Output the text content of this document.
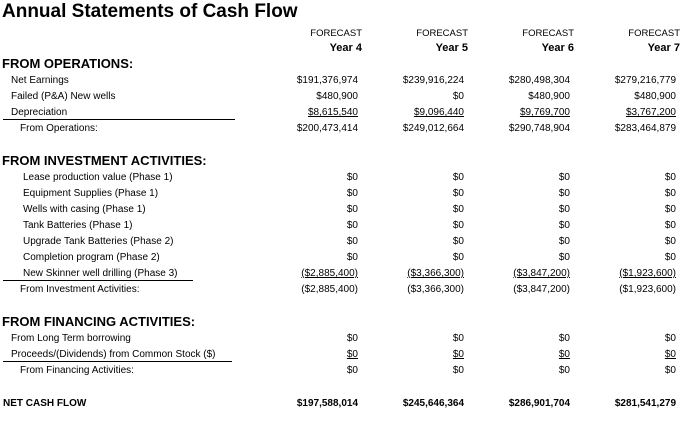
Annual Statements of Cash Flow
FORECAST
Year 4
FORECAST
Year 5
FORECAST
Year 6
FORECAST
Year 7
FROM OPERATIONS:
Net Earnings	$191,376,974	$239,916,224	$280,498,304	$279,216,779
Failed (P&A) New wells	$480,900	$0	$480,900	$480,900
Depreciation	$8,615,540	$9,096,440	$9,769,700	$3,767,200
From Operations:	$200,473,414	$249,012,664	$290,748,904	$283,464,879
FROM INVESTMENT ACTIVITIES:
Lease production value (Phase 1)	$0	$0	$0	$0
Equipment Supplies (Phase 1)	$0	$0	$0	$0
Wells with casing (Phase 1)	$0	$0	$0	$0
Tank Batteries (Phase 1)	$0	$0	$0	$0
Upgrade Tank Batteries (Phase 2)	$0	$0	$0	$0
Completion program (Phase 2)	$0	$0	$0	$0
New Skinner well drilling (Phase 3)	($2,885,400)	($3,366,300)	($3,847,200)	($1,923,600)
From Investment Activities:	($2,885,400)	($3,366,300)	($3,847,200)	($1,923,600)
FROM FINANCING ACTIVITIES:
From Long Term borrowing	$0	$0	$0	$0
Proceeds/(Dividends) from Common Stock ($)	$0	$0	$0	$0
From Financing Activities:	$0	$0	$0	$0
NET CASH FLOW	$197,588,014	$245,646,364	$286,901,704	$281,541,279
